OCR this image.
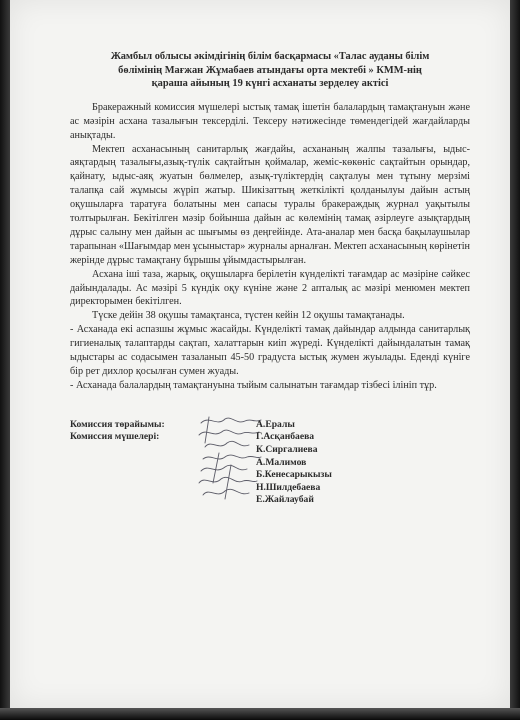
Жамбыл облысы әкімдігінің білім басқармасы «Талас ауданы білім
бөлімінің Мағжан Жұмабаев атындағы орта мектебі » КММ-нің
қараша айының 19 күнгі асханаты зерделеу актісі

Бракеражный комиссия мүшелері ыстық тамақ ішетін балалардың тамақтануын және ас мәзірін асхана тазалығын тексерділі. Тексеру нәтижесінде төмендегідей жағдайларды анықтады.

Мектеп асханасының санитарлық жағдайы, асхананың жалпы тазалығы, ыдыс-аяқтардың тазалығы,азық-түлік сақтайтын қоймалар, жеміс-көкөніс сақтайтын орындар, қайнату, ыдыс-аяқ жуатын бөлмелер, азық-түліктердің сақталуы мен тұтыну мерзімі талапқа сай жұмысы жүріп жатыр. Шикізаттың жеткілікті қолданылуы дайын астың оқушыларға таратуға болатыны мен сапасы туралы бракераждық журнал уақытылы толтырылған. Бекітілген мәзір бойынша дайын ас көлемінің тамақ әзірлеуге азықтардың дұрыс салыну мен дайын ас шығымы өз деңгейінде. Ата-аналар мен басқа бақылаушылар тарапынан «Шағымдар мен ұсыныстар» журналы арналған. Мектеп асханасының көрінетін жерінде дұрыс тамақтану бұрышы ұйымдастырылған.

Асхана іші таза, жарық, оқушыларға берілетін күнделікті тағамдар ас мәзіріне сәйкес дайындалады. Ас мәзірі 5 күндік оқу күніне және 2 апталық ас мәзірі менюмен мектеп директорымен бекітілген.

Түске дейін 38 оқушы тамақтанса, түстен кейін 12 оқушы тамақтанады.

- Асханада екі аспазшы жұмыс жасайды. Күнделікті тамақ дайындар алдында санитарлық гигиеналық талаптарды сақтап, халаттарын киіп жүреді. Күнделікті дайындалатын тамақ ыдыстары ас содасымен тазаланып 45-50 градуста ыстық жумен жуылады. Еденді күніге бір рет дихлор қосылған сумен жуады.

- Асханада балалардың тамақтануына тыйым салынатын тағамдар тізбесі ілініп тұр.

Комиссия төрайымы:
Комиссия мүшелері:
А.Ералы
Г.Асқанбаева
К.Сиргалиева
А.Малимов
Б.Кенесарыкызы
Н.Шилдебаева
Е.Жайлаубай
